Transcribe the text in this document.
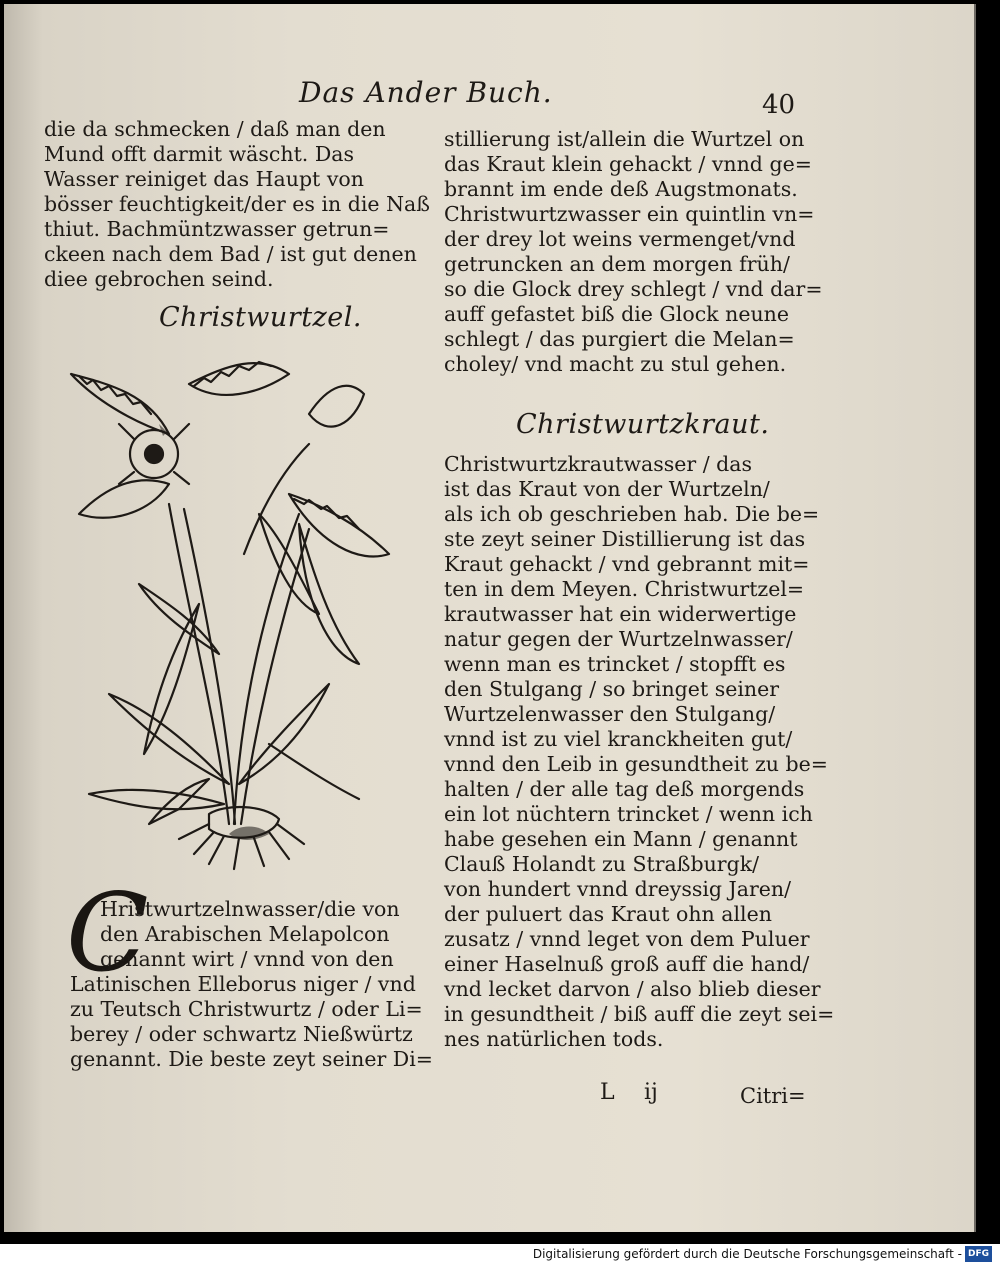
Das Ander Buch.	40
die da schmecken / daß man den
Mund offt darmit wäscht. Das
Wasser reiniget das Haupt von
bösser feuchtigkeit/der es in die Naß
thiut. Bachmüntzwasser getrun=
ckeen nach dem Bad / ist gut denen
diee gebrochen seind.
Christwurtzel.
C
Hristwurtzelnwasser/die von
den Arabischen Melapolcon
genannt wirt / vnnd von den
Latinischen Elleborus niger / vnd
zu Teutsch Christwurtz / oder Li=
berey / oder schwartz Nießwürtz
genannt. Die beste zeyt seiner Di=
stillierung ist/allein die Wurtzel on
das Kraut klein gehackt / vnnd ge=
brannt im ende deß Augstmonats.
Christwurtzwasser ein quintlin vn=
der drey lot weins vermenget/vnd
getruncken an dem morgen früh/
so die Glock drey schlegt / vnd dar=
auff gefastet biß die Glock neune
schlegt / das purgiert die Melan=
choley/ vnd macht zu stul gehen.
Christwurtzkraut.
Christwurtzkrautwasser / das
ist das Kraut von der Wurtzeln/
als ich ob geschrieben hab. Die be=
ste zeyt seiner Distillierung ist das
Kraut gehackt / vnd gebrannt mit=
ten in dem Meyen. Christwurtzel=
krautwasser hat ein widerwertige
natur gegen der Wurtzelnwasser/
wenn man es trincket / stopfft es
den Stulgang / so bringet seiner
Wurtzelenwasser den Stulgang/
vnnd ist zu viel kranckheiten gut/
vnnd den Leib in gesundtheit zu be=
halten / der alle tag deß morgends
ein lot nüchtern trincket / wenn ich
habe gesehen ein Mann / genannt
Clauß Holandt zu Straßburgk/
von hundert vnnd dreyssig Jaren/
der puluert das Kraut ohn allen
zusatz / vnnd leget von dem Puluer
einer Haselnuß groß auff die hand/
vnd lecket darvon / also blieb dieser
in gesundtheit / biß auff die zeyt sei=
nes natürlichen tods.
L ij	Citri=
Digitalisierung gefördert durch die Deutsche Forschungsgemeinschaft - DFG
